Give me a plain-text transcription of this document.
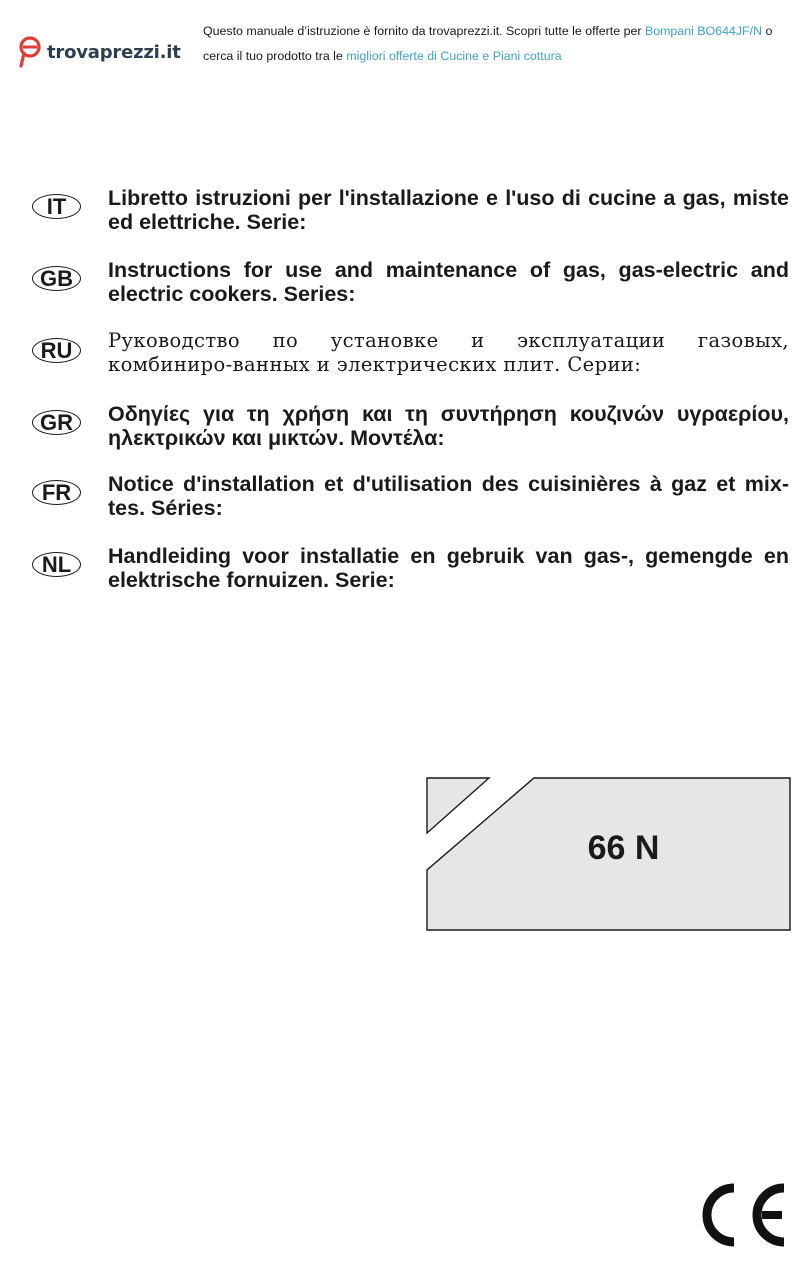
trovaprezzi.it
Questo manuale d’istruzione è fornito da trovaprezzi.it. Scopri tutte le offerte per Bompani BO644JF/N o cerca il tuo prodotto tra le migliori offerte di Cucine e Piani cottura
IT	Libretto istruzioni per l'installazione e l'uso di cucine a gas, miste ed elettriche. Serie:

GB	Instructions for use and maintenance of gas, gas-electric and electric cookers. Series:

RU	Руководство по установке и эксплуатации газовых, комбиниро-ванных и электрических плит. Серии:

GR	Οδηγίες για τη χρήση και τη συντήρηση κουζινών υγραερίου, ηλεκτρικών και μικτών. Μοντέλα:

FR	Notice d'installation et d'utilisation des cuisinières à gaz et mix-tes. Séries:

NL	Handleiding voor installatie en gebruik van gas-, gemengde en elektrische fornuizen. Serie:

66 N
